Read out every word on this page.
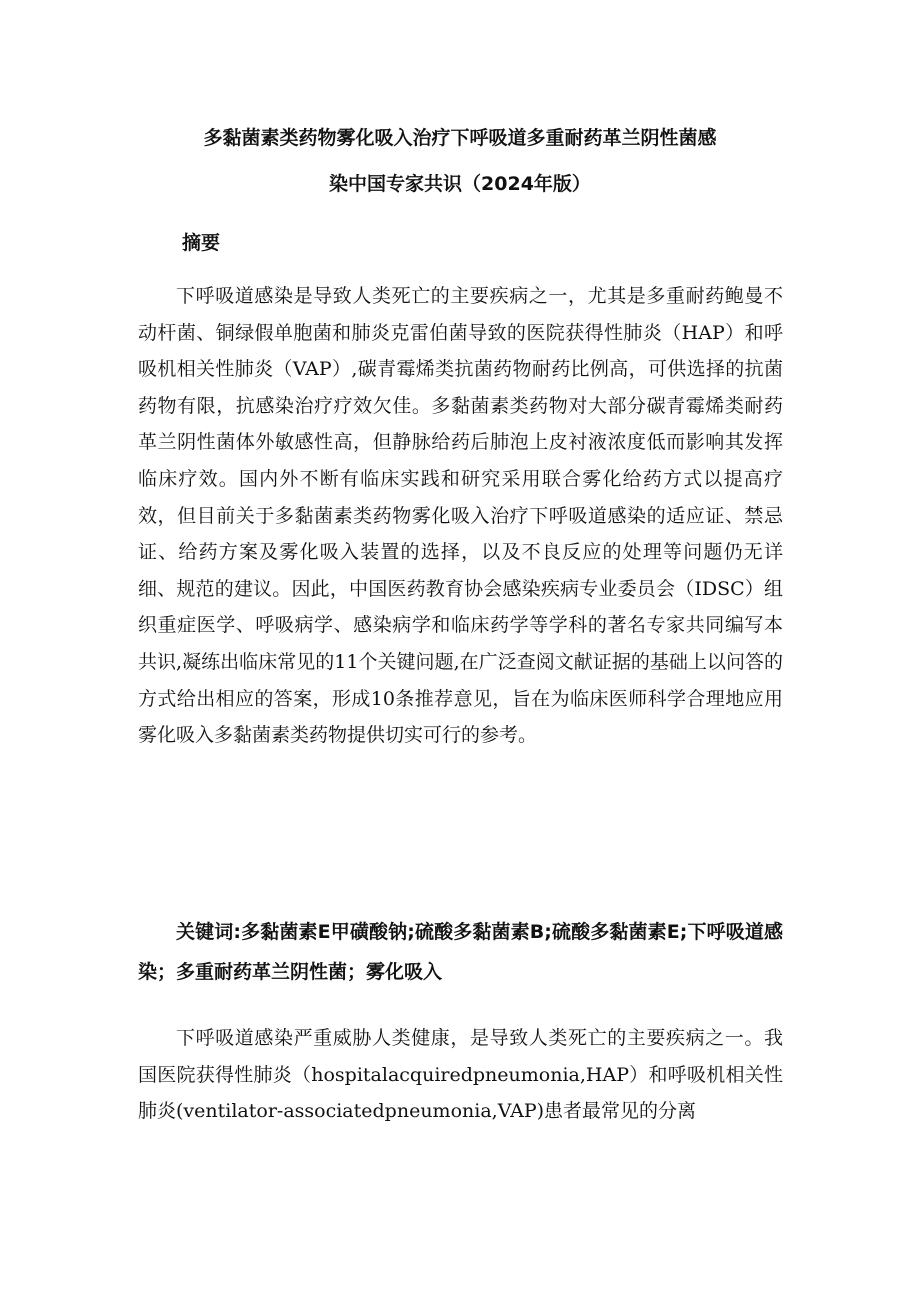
多黏菌素类药物雾化吸入治疗下呼吸道多重耐药革兰阴性菌感
染中国专家共识（2024年版）
摘要

下呼吸道感染是导致人类死亡的主要疾病之一，尤其是多重耐药鲍曼不动杆菌、铜绿假单胞菌和肺炎克雷伯菌导致的医院获得性肺炎（HAP）和呼吸机相关性肺炎（VAP）,碳青霉烯类抗菌药物耐药比例高，可供选择的抗菌药物有限，抗感染治疗疗效欠佳。多黏菌素类药物对大部分碳青霉烯类耐药革兰阴性菌体外敏感性高，但静脉给药后肺泡上皮衬液浓度低而影响其发挥临床疗效。国内外不断有临床实践和研究采用联合雾化给药方式以提高疗效，但目前关于多黏菌素类药物雾化吸入治疗下呼吸道感染的适应证、禁忌证、给药方案及雾化吸入装置的选择，以及不良反应的处理等问题仍无详细、规范的建议。因此，中国医药教育协会感染疾病专业委员会（IDSC）组织重症医学、呼吸病学、感染病学和临床药学等学科的著名专家共同编写本共识,凝练出临床常见的11个关键问题,在广泛查阅文献证据的基础上以问答的方式给出相应的答案，形成10条推荐意见，旨在为临床医师科学合理地应用雾化吸入多黏菌素类药物提供切实可行的参考。

关键词:多黏菌素E甲磺酸钠;硫酸多黏菌素B;硫酸多黏菌素E;下呼吸道感染；多重耐药革兰阴性菌；雾化吸入

下呼吸道感染严重威胁人类健康，是导致人类死亡的主要疾病之一。我国医院获得性肺炎（hospitalacquiredpneumonia,HAP）和呼吸机相关性肺炎(ventilator-associatedpneumonia,VAP)患者最常见的分离
